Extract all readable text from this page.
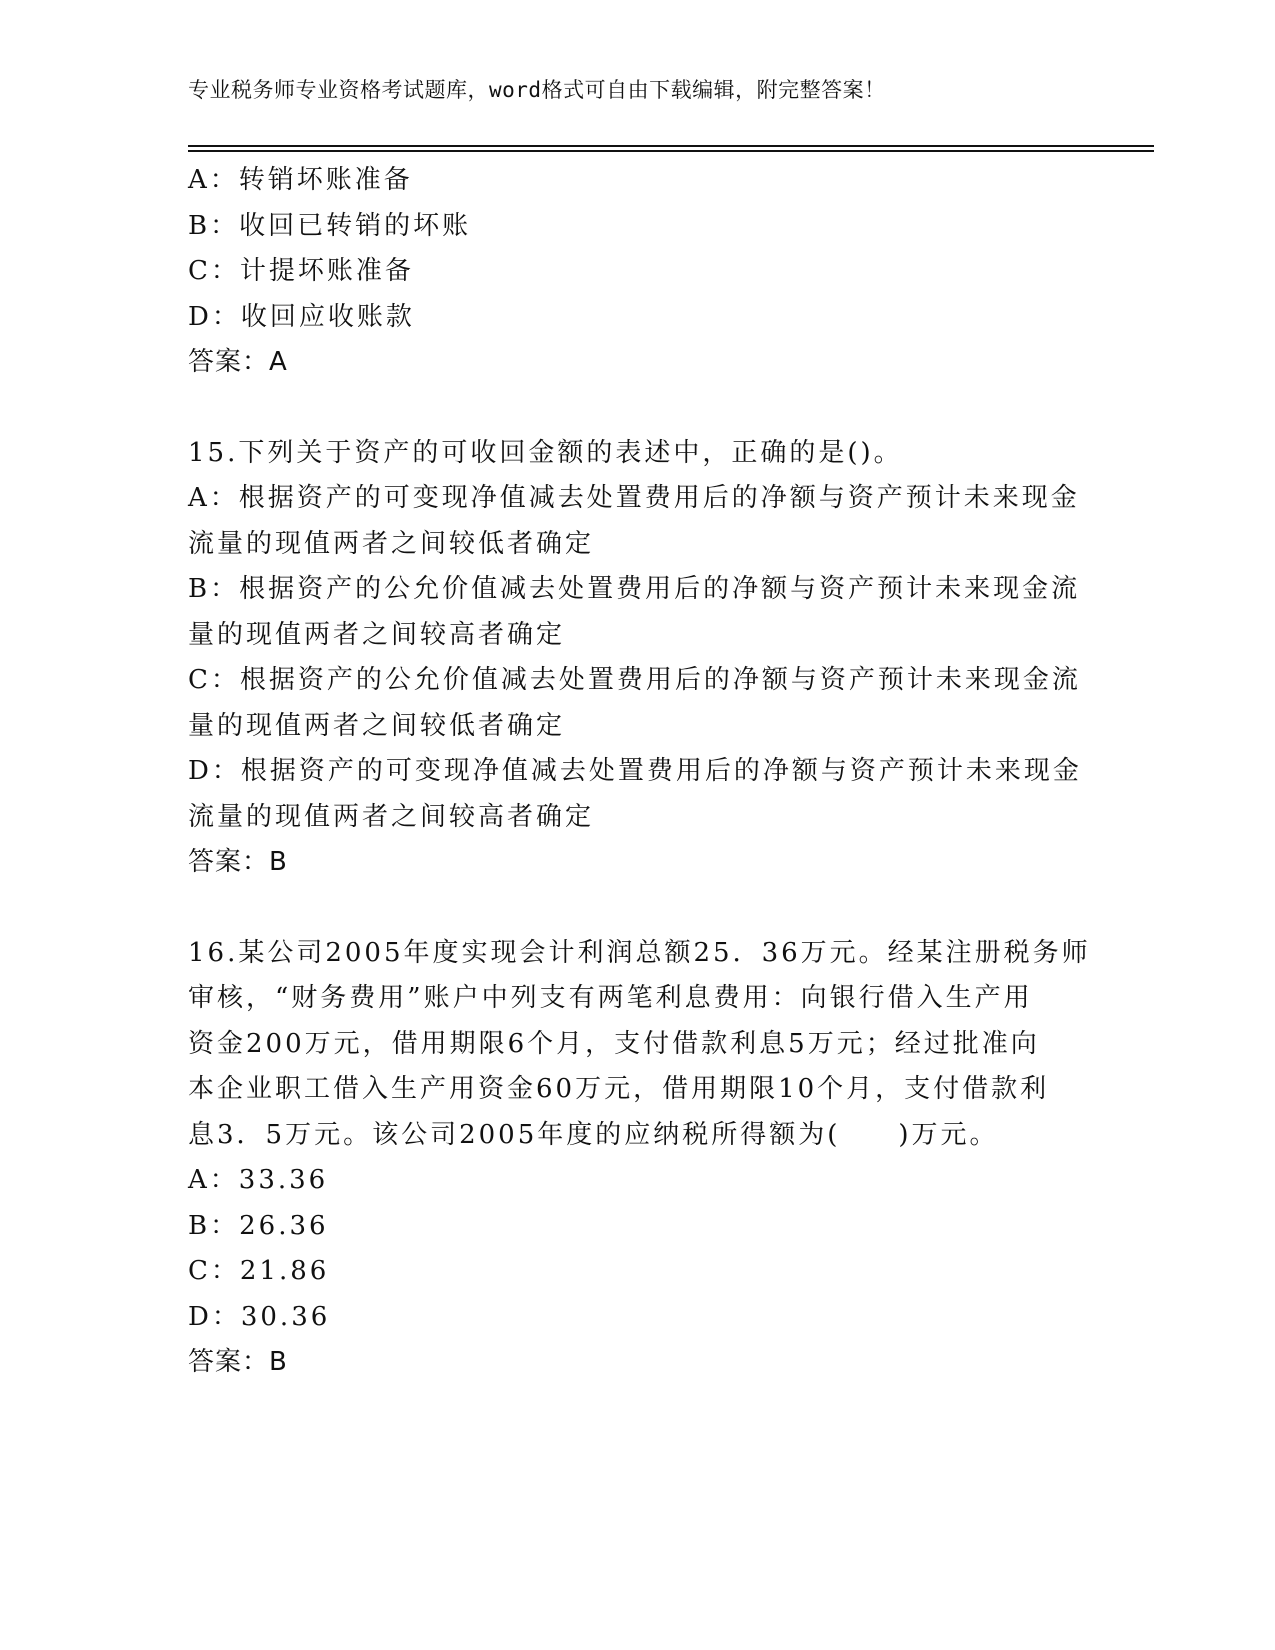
专业税务师专业资格考试题库，word格式可自由下载编辑，附完整答案！
A：转销坏账准备
B：收回已转销的坏账
C：计提坏账准备
D：收回应收账款
答案：A
15.下列关于资产的可收回金额的表述中，正确的是()。
A：根据资产的可变现净值减去处置费用后的净额与资产预计未来现金
流量的现值两者之间较低者确定
B：根据资产的公允价值减去处置费用后的净额与资产预计未来现金流
量的现值两者之间较高者确定
C：根据资产的公允价值减去处置费用后的净额与资产预计未来现金流
量的现值两者之间较低者确定
D：根据资产的可变现净值减去处置费用后的净额与资产预计未来现金
流量的现值两者之间较高者确定
答案：B
16.某公司2005年度实现会计利润总额25．36万元。经某注册税务师
审核，“财务费用”账户中列支有两笔利息费用：向银行借入生产用
资金200万元，借用期限6个月，支付借款利息5万元；经过批准向
本企业职工借入生产用资金60万元，借用期限10个月，支付借款利
息3．5万元。该公司2005年度的应纳税所得额为(　　)万元。
A：33.36
B：26.36
C：21.86
D：30.36
答案：B
